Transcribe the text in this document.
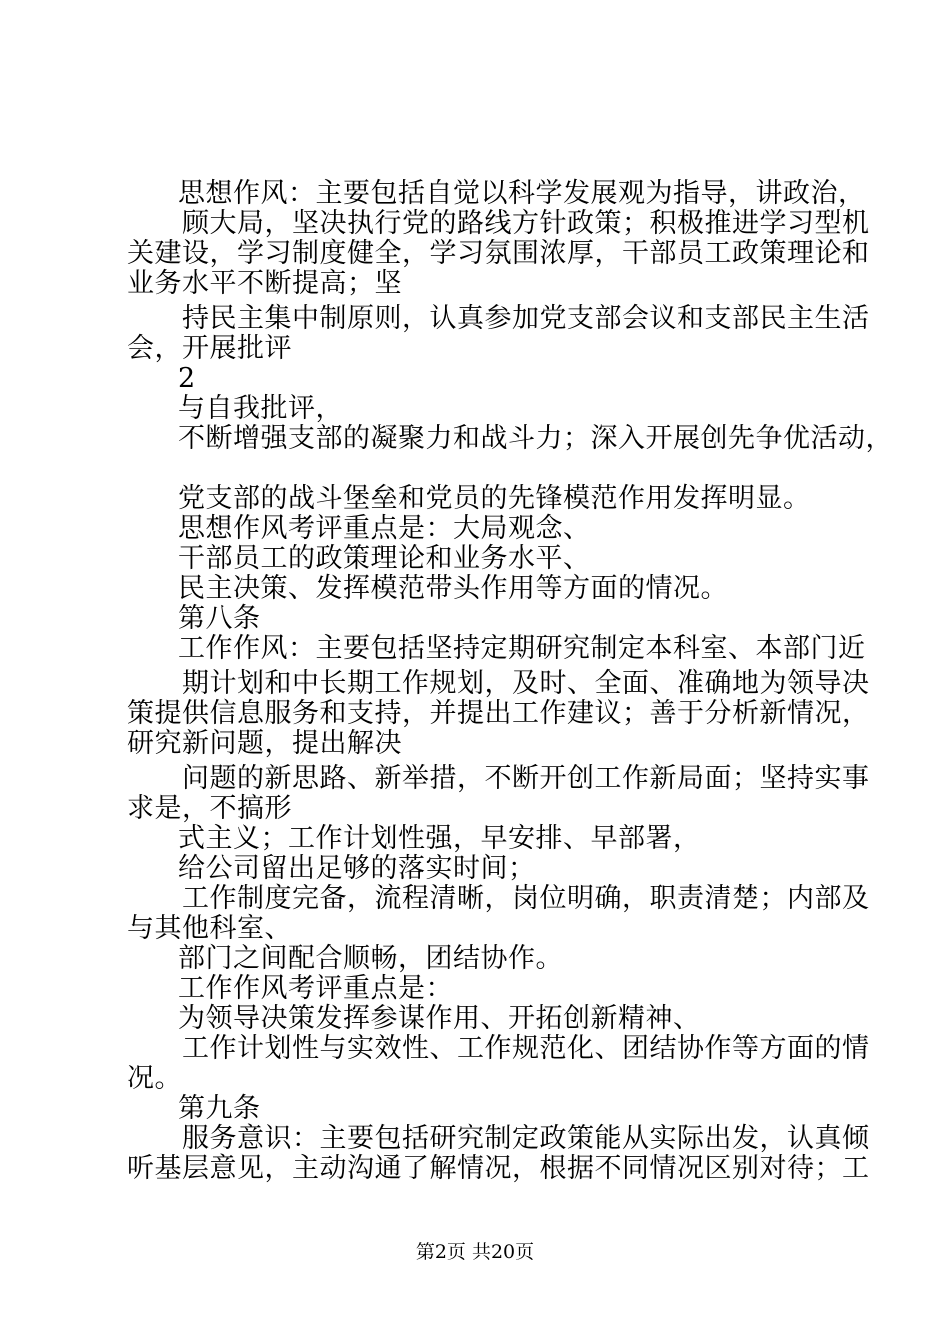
思想作风：主要包括自觉以科学发展观为指导，讲政治，
顾大局，坚决执行党的路线方针政策；积极推进学习型机
关建设，学习制度健全，学习氛围浓厚，干部员工政策理论和
业务水平不断提高；坚
持民主集中制原则，认真参加党支部会议和支部民主生活
会，开展批评
2
与自我批评，
不断增强支部的凝聚力和战斗力；深入开展创先争优活动，
党支部的战斗堡垒和党员的先锋模范作用发挥明显。
思想作风考评重点是：大局观念、
干部员工的政策理论和业务水平、
民主决策、发挥模范带头作用等方面的情况。
第八条
工作作风：主要包括坚持定期研究制定本科室、本部门近
期计划和中长期工作规划，及时、全面、准确地为领导决
策提供信息服务和支持，并提出工作建议；善于分析新情况，
研究新问题，提出解决
问题的新思路、新举措，不断开创工作新局面；坚持实事
求是，不搞形
式主义；工作计划性强，早安排、早部署，
给公司留出足够的落实时间；
工作制度完备，流程清晰，岗位明确，职责清楚；内部及
与其他科室、
部门之间配合顺畅，团结协作。
工作作风考评重点是：
为领导决策发挥参谋作用、开拓创新精神、
工作计划性与实效性、工作规范化、团结协作等方面的情
况。
第九条
服务意识：主要包括研究制定政策能从实际出发，认真倾
听基层意见，主动沟通了解情况，根据不同情况区别对待；工
第2页 共20页
